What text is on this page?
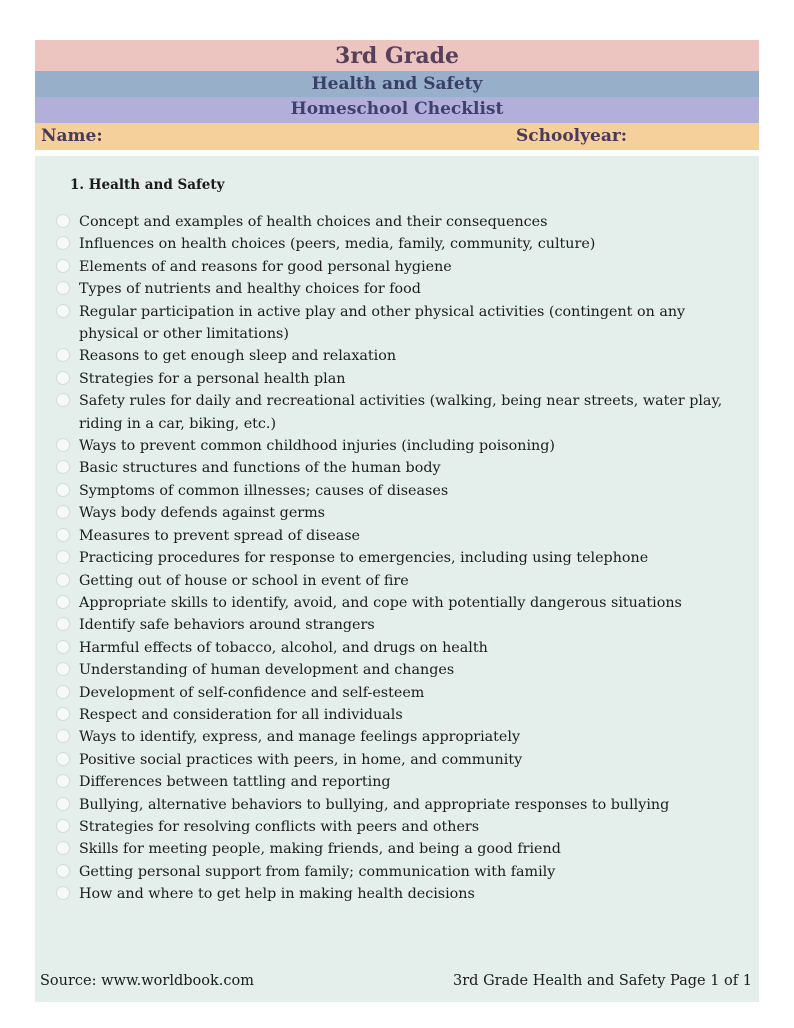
3rd Grade
Health and Safety
Homeschool Checklist
Name:	Schoolyear:
1. Health and Safety
Concept and examples of health choices and their consequences
Influences on health choices (peers, media, family, community, culture)
Elements of and reasons for good personal hygiene
Types of nutrients and healthy choices for food
Regular participation in active play and other physical activities (contingent on any physical or other limitations)
Reasons to get enough sleep and relaxation
Strategies for a personal health plan
Safety rules for daily and recreational activities (walking, being near streets, water play, riding in a car, biking, etc.)
Ways to prevent common childhood injuries (including poisoning)
Basic structures and functions of the human body
Symptoms of common illnesses; causes of diseases
Ways body defends against germs
Measures to prevent spread of disease
Practicing procedures for response to emergencies, including using telephone
Getting out of house or school in event of fire
Appropriate skills to identify, avoid, and cope with potentially dangerous situations
Identify safe behaviors around strangers
Harmful effects of tobacco, alcohol, and drugs on health
Understanding of human development and changes
Development of self-confidence and self-esteem
Respect and consideration for all individuals
Ways to identify, express, and manage feelings appropriately
Positive social practices with peers, in home, and community
Differences between tattling and reporting
Bullying, alternative behaviors to bullying, and appropriate responses to bullying
Strategies for resolving conflicts with peers and others
Skills for meeting people, making friends, and being a good friend
Getting personal support from family; communication with family
How and where to get help in making health decisions
Source: www.worldbook.com	3rd Grade Health and Safety Page 1 of 1
